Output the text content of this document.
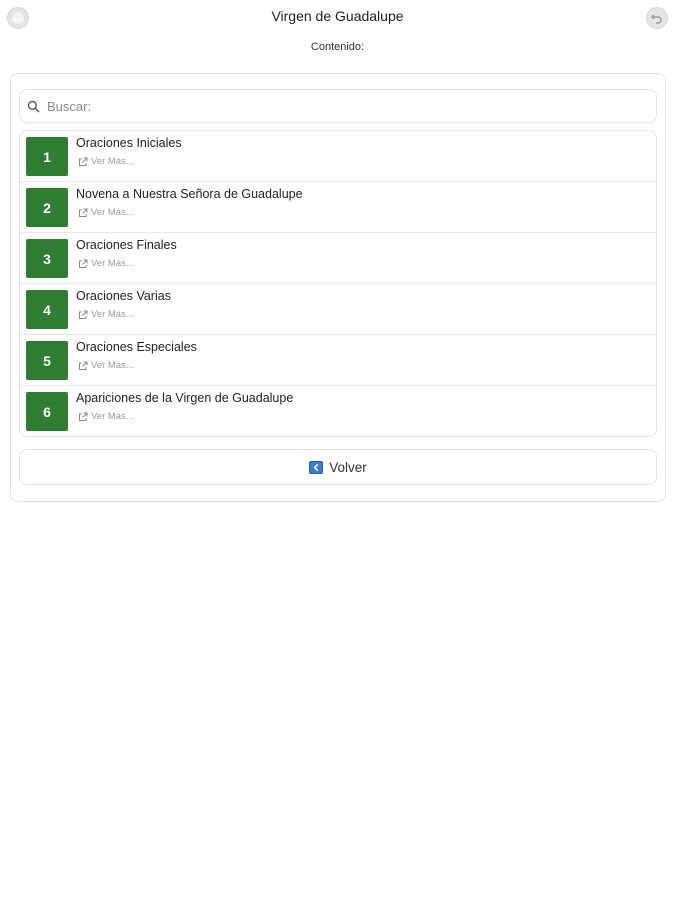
Virgen de Guadalupe
Contenido:
Buscar:
1
Oraciones Iniciales
Ver Más...
2
Novena a Nuestra Señora de Guadalupe
Ver Más...
3
Oraciones Finales
Ver Más...
4
Oraciones Varias
Ver Más...
5
Oraciones Especiales
Ver Más...
6
Apariciones de la Virgen de Guadalupe
Ver Más...
Volver
